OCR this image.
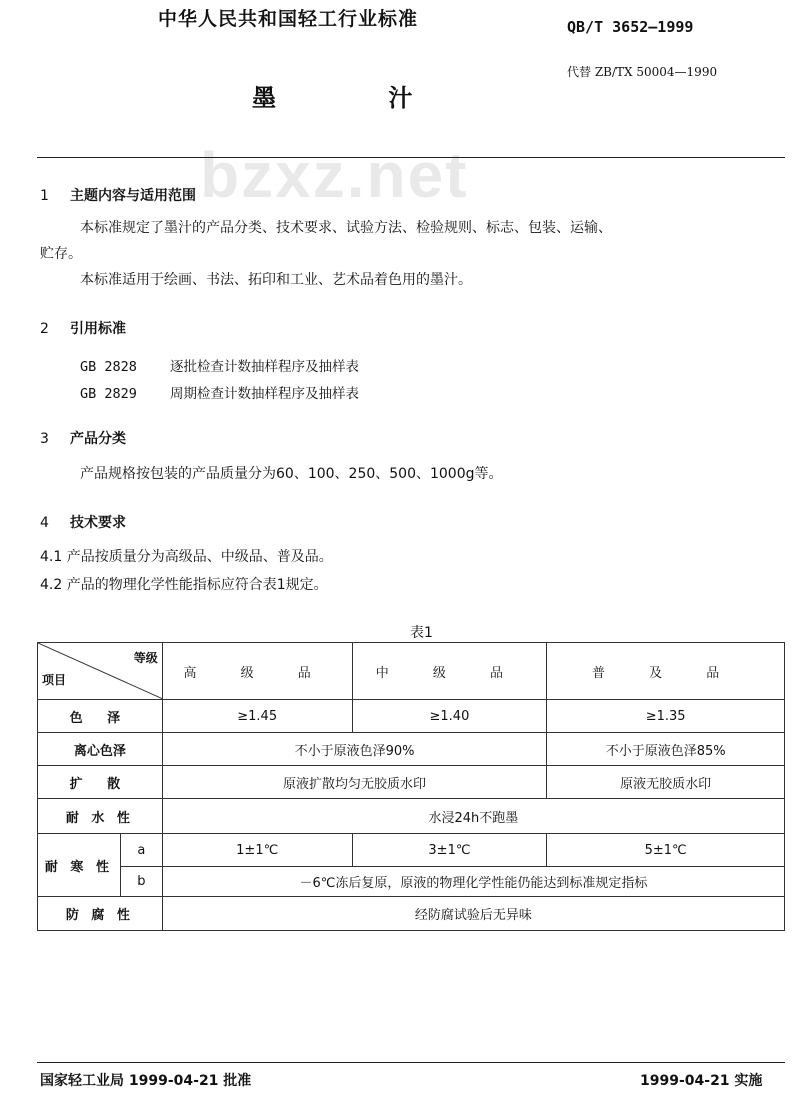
bzxz.net
中华人民共和国轻工行业标准	QB/T 3652—1999
代替 ZB/TX 50004—1990
墨 汁
1 主题内容与适用范围
本标准规定了墨汁的产品分类、技术要求、试验方法、检验规则、标志、包装、运输、
贮存。
本标准适用于绘画、书法、拓印和工业、艺术品着色用的墨汁。
2 引用标准
GB 2828 逐批检查计数抽样程序及抽样表
GB 2829 周期检查计数抽样程序及抽样表
3 产品分类
产品规格按包装的产品质量分为60、100、250、500、1000g等。
4 技术要求
4.1 产品按质量分为高级品、中级品、普及品。
4.2 产品的物理化学性能指标应符合表1规定。
表1
项目
等级		高 级 品	中 级 品	普 及 品
色 泽		≥1.45	≥1.40	≥1.35
离心色泽		不小于原液色泽90%		不小于原液色泽85%
扩 散		原液扩散均匀无胶质水印		原液无胶质水印
耐 水 性		水浸24h不跑墨		
耐 寒 性	a	1±1℃	3±1℃	5±1℃
	b	－6℃冻后复原，原液的物理化学性能仍能达到标准规定指标		
防 腐 性		经防腐试验后无异味		
国家轻工业局 1999-04-21 批准	1999-04-21 实施
